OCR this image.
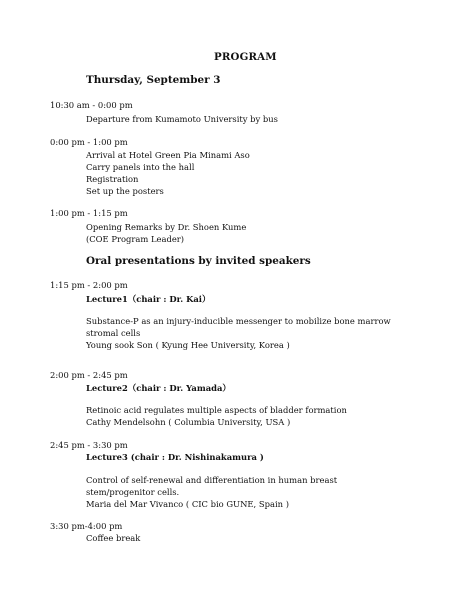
PROGRAM
Thursday, September 3
10:30 am - 0:00 pm
Departure from Kumamoto University by bus
0:00 pm - 1:00 pm
Arrival at Hotel Green Pia Minami Aso
Carry panels into the hall
Registration
Set up the posters
1:00 pm - 1:15 pm
Opening Remarks by Dr. Shoen Kume
(COE Program Leader)
Oral presentations by invited speakers
1:15 pm - 2:00 pm
Lecture1（chair : Dr. Kai）
Substance-P as an injury-inducible messenger to mobilize bone marrow
stromal cells
Young sook Son ( Kyung Hee University, Korea )
2:00 pm - 2:45 pm
Lecture2（chair : Dr. Yamada）
Retinoic acid regulates multiple aspects of bladder formation
Cathy Mendelsohn ( Columbia University, USA )
2:45 pm - 3:30 pm
Lecture3 (chair : Dr. Nishinakamura )
Control of self-renewal and differentiation in human breast
stem/progenitor cells.
Maria del Mar Vivanco ( CIC bio GUNE, Spain )
3:30 pm-4:00 pm
Coffee break
